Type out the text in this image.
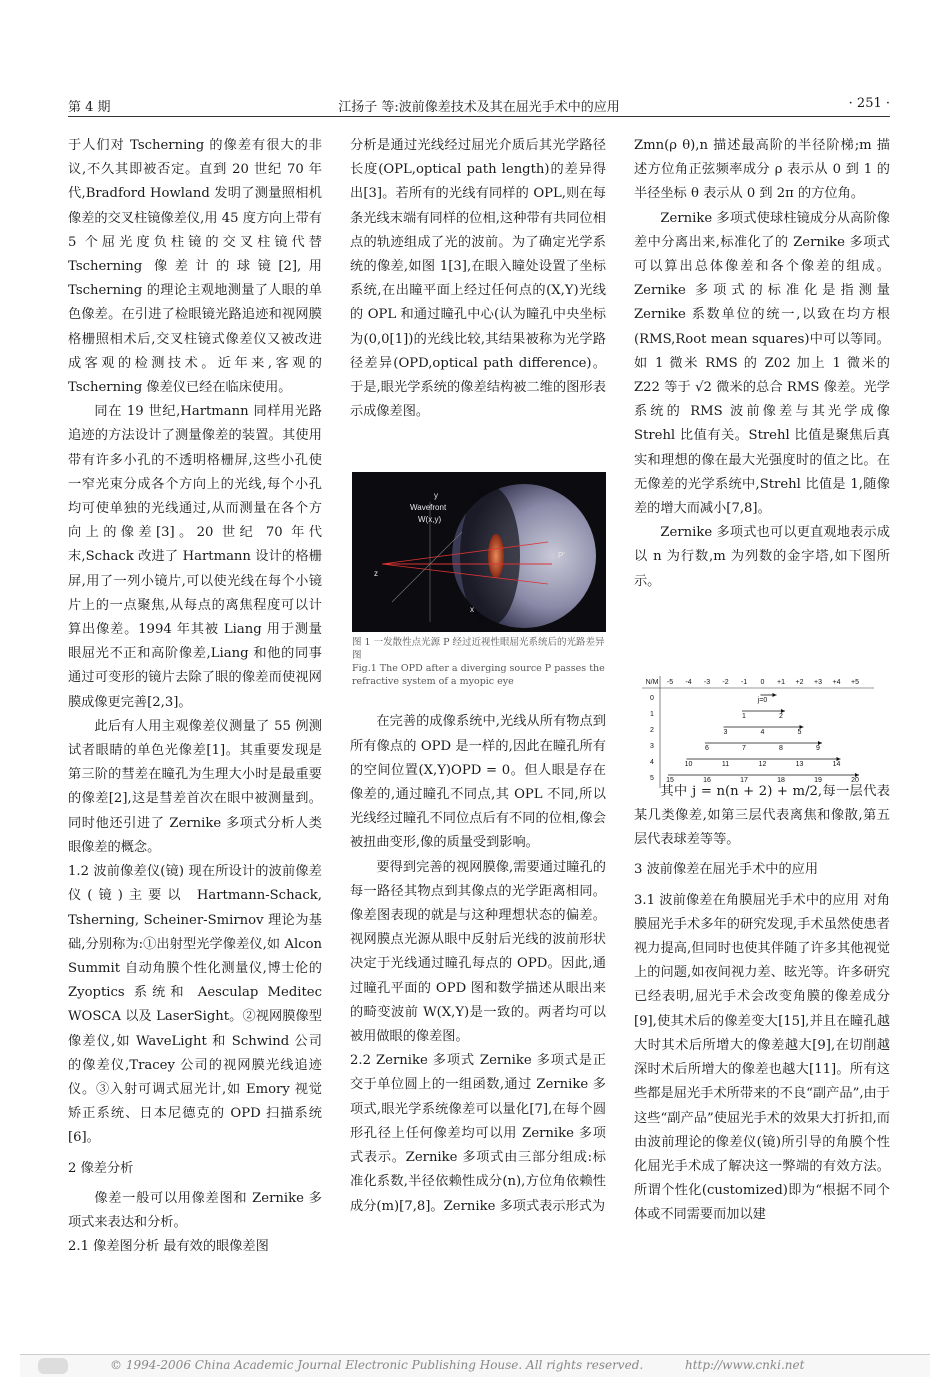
第 4 期	江扬子 等:波前像差技术及其在屈光手术中的应用	· 251 ·

于人们对 Tscherning 的像差有很大的非议,不久其即被否定。直到 20 世纪 70 年代,Bradford Howland 发明了测量照相机像差的交叉柱镜像差仪,用 45 度方向上带有 5 个屈光度负柱镜的交叉柱镜代替 Tscherning 像差计的球镜[2],用 Tscherning 的理论主观地测量了人眼的单色像差。在引进了检眼镜光路追迹和视网膜格栅照相术后,交叉柱镜式像差仪又被改进成客观的检测技术。近年来,客观的 Tscherning 像差仪已经在临床使用。

同在 19 世纪,Hartmann 同样用光路追迹的方法设计了测量像差的装置。其使用带有许多小孔的不透明格栅屏,这些小孔使一窄光束分成各个方向上的光线,每个小孔均可使单独的光线通过,从而测量在各个方向上的像差[3]。20 世纪 70 年代末,Schack 改进了 Hartmann 设计的格栅屏,用了一列小镜片,可以使光线在每个小镜片上的一点聚焦,从每点的离焦程度可以计算出像差。1994 年其被 Liang 用于测量眼屈光不正和高阶像差,Liang 和他的同事通过可变形的镜片去除了眼的像差而使视网膜成像更完善[2,3]。

此后有人用主观像差仪测量了 55 例测试者眼睛的单色光像差[1]。其重要发现是第三阶的彗差在瞳孔为生理大小时是最重要的像差[2],这是彗差首次在眼中被测量到。同时他还引进了 Zernike 多项式分析人类眼像差的概念。

1.2 波前像差仪(镜) 现在所设计的波前像差仪(镜)主要以 Hartmann-Schack, Tsherning, Scheiner-Smirnov 理论为基础,分别称为:①出射型光学像差仪,如 Alcon Summit 自动角膜个性化测量仪,博士伦的 Zyoptics 系统和 Aesculap Meditec WOSCA 以及 LaserSight。②视网膜像型像差仪,如 WaveLight 和 Schwind 公司的像差仪,Tracey 公司的视网膜光线追迹仪。③入射可调式屈光计,如 Emory 视觉矫正系统、日本尼德克的 OPD 扫描系统[6]。

2 像差分析

像差一般可以用像差图和 Zernike 多项式来表达和分析。

2.1 像差图分析 最有效的眼像差图

分析是通过光线经过屈光介质后其光学路径长度(OPL,optical path length)的差异得出[3]。若所有的光线有同样的 OPL,则在每条光线末端有同样的位相,这种带有共同位相点的轨迹组成了光的波前。为了确定光学系统的像差,如图 1[3],在眼入瞳处设置了坐标系统,在出瞳平面上经过任何点的(X,Y)光线的 OPL 和通过瞳孔中心(认为瞳孔中央坐标为(0,0[1])的光线比较,其结果被称为光学路径差异(OPD,optical path difference)。于是,眼光学系统的像差结构被二维的图形表示成像差图。

在完善的成像系统中,光线从所有物点到所有像点的 OPD 是一样的,因此在瞳孔所有的空间位置(X,Y)OPD = 0。但人眼是存在像差的,通过瞳孔不同点,其 OPL 不同,所以光线经过瞳孔不同位点后有不同的位相,像会被扭曲变形,像的质量受到影响。

要得到完善的视网膜像,需要通过瞳孔的每一路径其物点到其像点的光学距离相同。像差图表现的就是与这种理想状态的偏差。视网膜点光源从眼中反射后光线的波前形状决定于光线通过瞳孔每点的 OPD。因此,通过瞳孔平面的 OPD 图和数学描述从眼出来的畸变波前 W(X,Y)是一致的。两者均可以被用做眼的像差图。

2.2 Zernike 多项式 Zernike 多项式是正交于单位圆上的一组函数,通过 Zernike 多项式,眼光学系统像差可以量化[7],在每个圆形孔径上任何像差均可以用 Zernike 多项式表示。Zernike 多项式由三部分组成:标准化系数,半径依赖性成分(n),方位角依赖性成分(m)[7,8]。Zernike 多项式表示形式为

Zmn(ρ θ),n 描述最高阶的半径阶梯;m 描述方位角正弦频率成分 ρ 表示从 0 到 1 的半径坐标 θ 表示从 0 到 2π 的方位角。

Zernike 多项式使球柱镜成分从高阶像差中分离出来,标准化了的 Zernike 多项式可以算出总体像差和各个像差的组成。Zernike 多项式的标准化是指测量 Zernike 系数单位的统一,以致在均方根(RMS,Root mean squares)中可以等同。如 1 微米 RMS 的 Z02 加上 1 微米的 Z22 等于 √2 微米的总合 RMS 像差。光学系统的 RMS 波前像差与其光学成像 Strehl 比值有关。Strehl 比值是聚焦后真实和理想的像在最大光强度时的值之比。在无像差的光学系统中,Strehl 比值是 1,随像差的增大而减小[7,8]。

Zernike 多项式也可以更直观地表示成以 n 为行数,m 为列数的金字塔,如下图所示。

其中 j = n(n + 2) + m/2,每一层代表某几类像差,如第三层代表离焦和像散,第五层代表球差等等。

3 波前像差在屈光手术中的应用

3.1 波前像差在角膜屈光手术中的应用 对角膜屈光手术多年的研究发现,手术虽然使患者视力提高,但同时也使其伴随了许多其他视觉上的问题,如夜间视力差、眩光等。许多研究已经表明,屈光手术会改变角膜的像差成分[9],使其术后的像差变大[15],并且在瞳孔越大时其术后所增大的像差越大[9],在切削越深时术后所增大的像差也越大[11]。所有这些都是屈光手术所带来的不良“副产品”,由于这些“副产品”使屈光手术的效果大打折扣,而由波前理论的像差仪(镜)所引导的角膜个性化屈光手术成了解决这一弊端的有效方法。所谓个性化(customized)即为“根据不同个体或不同需要而加以建

Wavefront
W(x,y)
z
x
y
P'
图 1 一发散性点光源 P 经过近视性眼屈光系统后的光路差异图
Fig.1 The OPD after a diverging source P passes the refractive system of a myopic eye	N/M -5 -4 -3 -2 -1 0 +1 +2 +3 +4 +5
0	j=0
1	1	2
2	3	4	5
3	6	7	8	9
4	10	11	12	13	14
5 15	16	17	18	19	20
© 1994-2006 China Academic Journal Electronic Publishing House. All rights reserved.	http://www.cnki.net
